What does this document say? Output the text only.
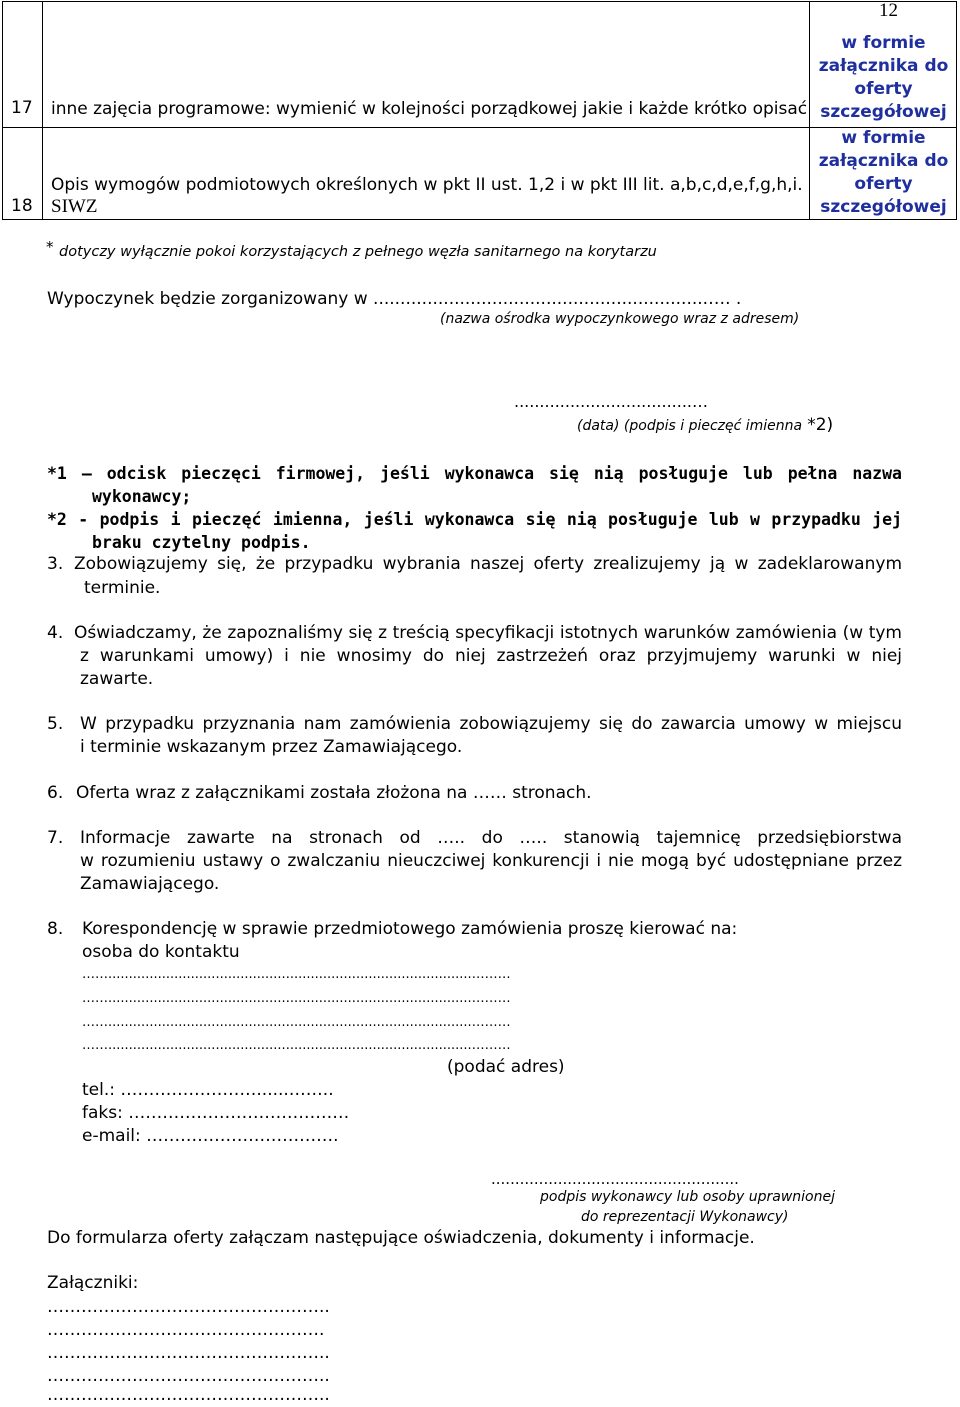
12
17 inne zajęcia programowe: wymienić w kolejności porządkowej jakie i każde krótko opisać
w formie
załącznika do
oferty
szczegółowej
18
Opis wymogów podmiotowych określonych w pkt II ust. 1,2 i w pkt III lit. a,b,c,d,e,f,g,h,i.
SIWZ
w formie
załącznika do
oferty
szczegółowej
* dotyczy wyłącznie pokoi korzystających z pełnego węzła sanitarnego na korytarzu
Wypoczynek będzie zorganizowany w ..............................................................…. .
(nazwa ośrodka wypoczynkowego wraz z adresem)
...................................…
(data) (podpis i pieczęć imienna *2)
*1 – odcisk pieczęci firmowej, jeśli wykonawca się nią posługuje lub pełna nazwa
wykonawcy;
*2 - podpis i pieczęć imienna, jeśli wykonawca się nią posługuje lub w przypadku jej
braku czytelny podpis.
3. Zobowiązujemy się, że przypadku wybrania naszej oferty zrealizujemy ją w zadeklarowanym
terminie.
4. Oświadczamy, że zapoznaliśmy się z treścią specyfikacji istotnych warunków zamówienia (w tym
z warunkami umowy) i nie wnosimy do niej zastrzeżeń oraz przyjmujemy warunki w niej
zawarte.
5. W przypadku przyznania nam zamówienia zobowiązujemy się do zawarcia umowy w miejscu
i terminie wskazanym przez Zamawiającego.
6. Oferta wraz z załącznikami została złożona na …… stronach.
7. Informacje zawarte na stronach od ….. do ….. stanowią tajemnicę przedsiębiorstwa
w rozumieniu ustawy o zwalczaniu nieuczciwej konkurencji i nie mogą być udostępniane przez
Zamawiającego.
8. Korespondencję w sprawie przedmiotowego zamówienia proszę kierować na:
osoba do kontaktu
……........................................................................................………
……........................................................................................………
……........................................................................................………
……........................................................................................………
(podać adres)
tel.: ……………………......……..
faks: …………………………………
e-mail: …………………………….
....................................................
podpis wykonawcy lub osoby uprawnionej
do reprezentacji Wykonawcy)
Do formularza oferty załączam następujące oświadczenia, dokumenty i informacje.
Załączniki:
…………………………………………..
………………………………………….
…………………………………………..
…………………………………………..
…………………………………………..
